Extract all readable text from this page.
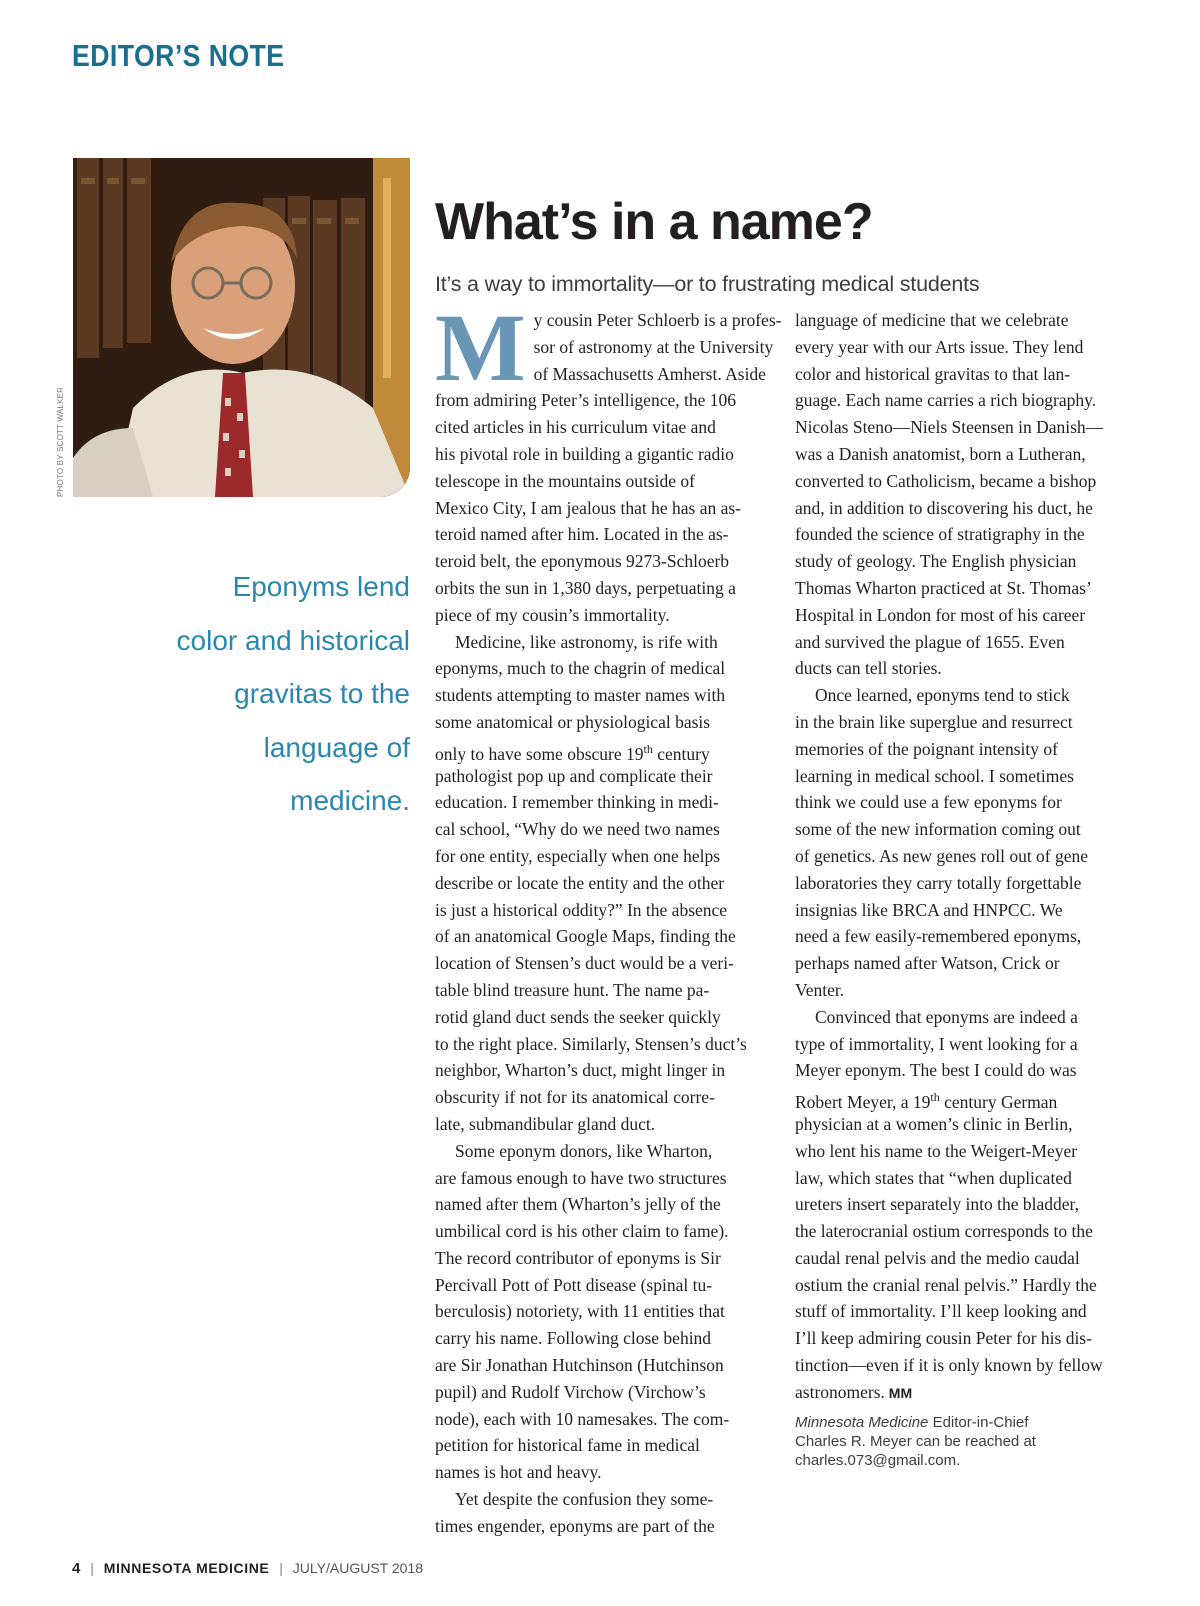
EDITOR’S NOTE
PHOTO BY SCOTT WALKER
Eponyms lend
color and historical
gravitas to the
language of
medicine.
What’s in a name?
It’s a way to immortality—or to frustrating medical students
M y cousin Peter Schloerb is a profes-
sor of astronomy at the University
of Massachusetts Amherst. Aside
from admiring Peter’s intelligence, the 106
cited articles in his curriculum vitae and
his pivotal role in building a gigantic radio
telescope in the mountains outside of
Mexico City, I am jealous that he has an as-
teroid named after him. Located in the as-
teroid belt, the eponymous 9273-Schloerb
orbits the sun in 1,380 days, perpetuating a
piece of my cousin’s immortality.
Medicine, like astronomy, is rife with
eponyms, much to the chagrin of medical
students attempting to master names with
some anatomical or physiological basis
only to have some obscure 19th century
pathologist pop up and complicate their
education. I remember thinking in medi-
cal school, “Why do we need two names
for one entity, especially when one helps
describe or locate the entity and the other
is just a historical oddity?” In the absence
of an anatomical Google Maps, finding the
location of Stensen’s duct would be a veri-
table blind treasure hunt. The name pa-
rotid gland duct sends the seeker quickly
to the right place. Similarly, Stensen’s duct’s
neighbor, Wharton’s duct, might linger in
obscurity if not for its anatomical corre-
late, submandibular gland duct.
Some eponym donors, like Wharton,
are famous enough to have two structures
named after them (Wharton’s jelly of the
umbilical cord is his other claim to fame).
The record contributor of eponyms is Sir
Percivall Pott of Pott disease (spinal tu-
berculosis) notoriety, with 11 entities that
carry his name. Following close behind
are Sir Jonathan Hutchinson (Hutchinson
pupil) and Rudolf Virchow (Virchow’s
node), each with 10 namesakes. The com-
petition for historical fame in medical
names is hot and heavy.
Yet despite the confusion they some-
times engender, eponyms are part of the
language of medicine that we celebrate
every year with our Arts issue. They lend
color and historical gravitas to that lan-
guage. Each name carries a rich biography.
Nicolas Steno—Niels Steensen in Danish—
was a Danish anatomist, born a Lutheran,
converted to Catholicism, became a bishop
and, in addition to discovering his duct, he
founded the science of stratigraphy in the
study of geology. The English physician
Thomas Wharton practiced at St. Thomas’
Hospital in London for most of his career
and survived the plague of 1655. Even
ducts can tell stories.
Once learned, eponyms tend to stick
in the brain like superglue and resurrect
memories of the poignant intensity of
learning in medical school. I sometimes
think we could use a few eponyms for
some of the new information coming out
of genetics. As new genes roll out of gene
laboratories they carry totally forgettable
insignias like BRCA and HNPCC. We
need a few easily-remembered eponyms,
perhaps named after Watson, Crick or
Venter.
Convinced that eponyms are indeed a
type of immortality, I went looking for a
Meyer eponym. The best I could do was
Robert Meyer, a 19th century German
physician at a women’s clinic in Berlin,
who lent his name to the Weigert-Meyer
law, which states that “when duplicated
ureters insert separately into the bladder,
the laterocranial ostium corresponds to the
caudal renal pelvis and the medio caudal
ostium the cranial renal pelvis.” Hardly the
stuff of immortality. I’ll keep looking and
I’ll keep admiring cousin Peter for his dis-
tinction—even if it is only known by fellow
astronomers. MM
Minnesota Medicine Editor-in-Chief
Charles R. Meyer can be reached at
charles.073@gmail.com.
4 | MINNESOTA MEDICINE | JULY/AUGUST 2018
